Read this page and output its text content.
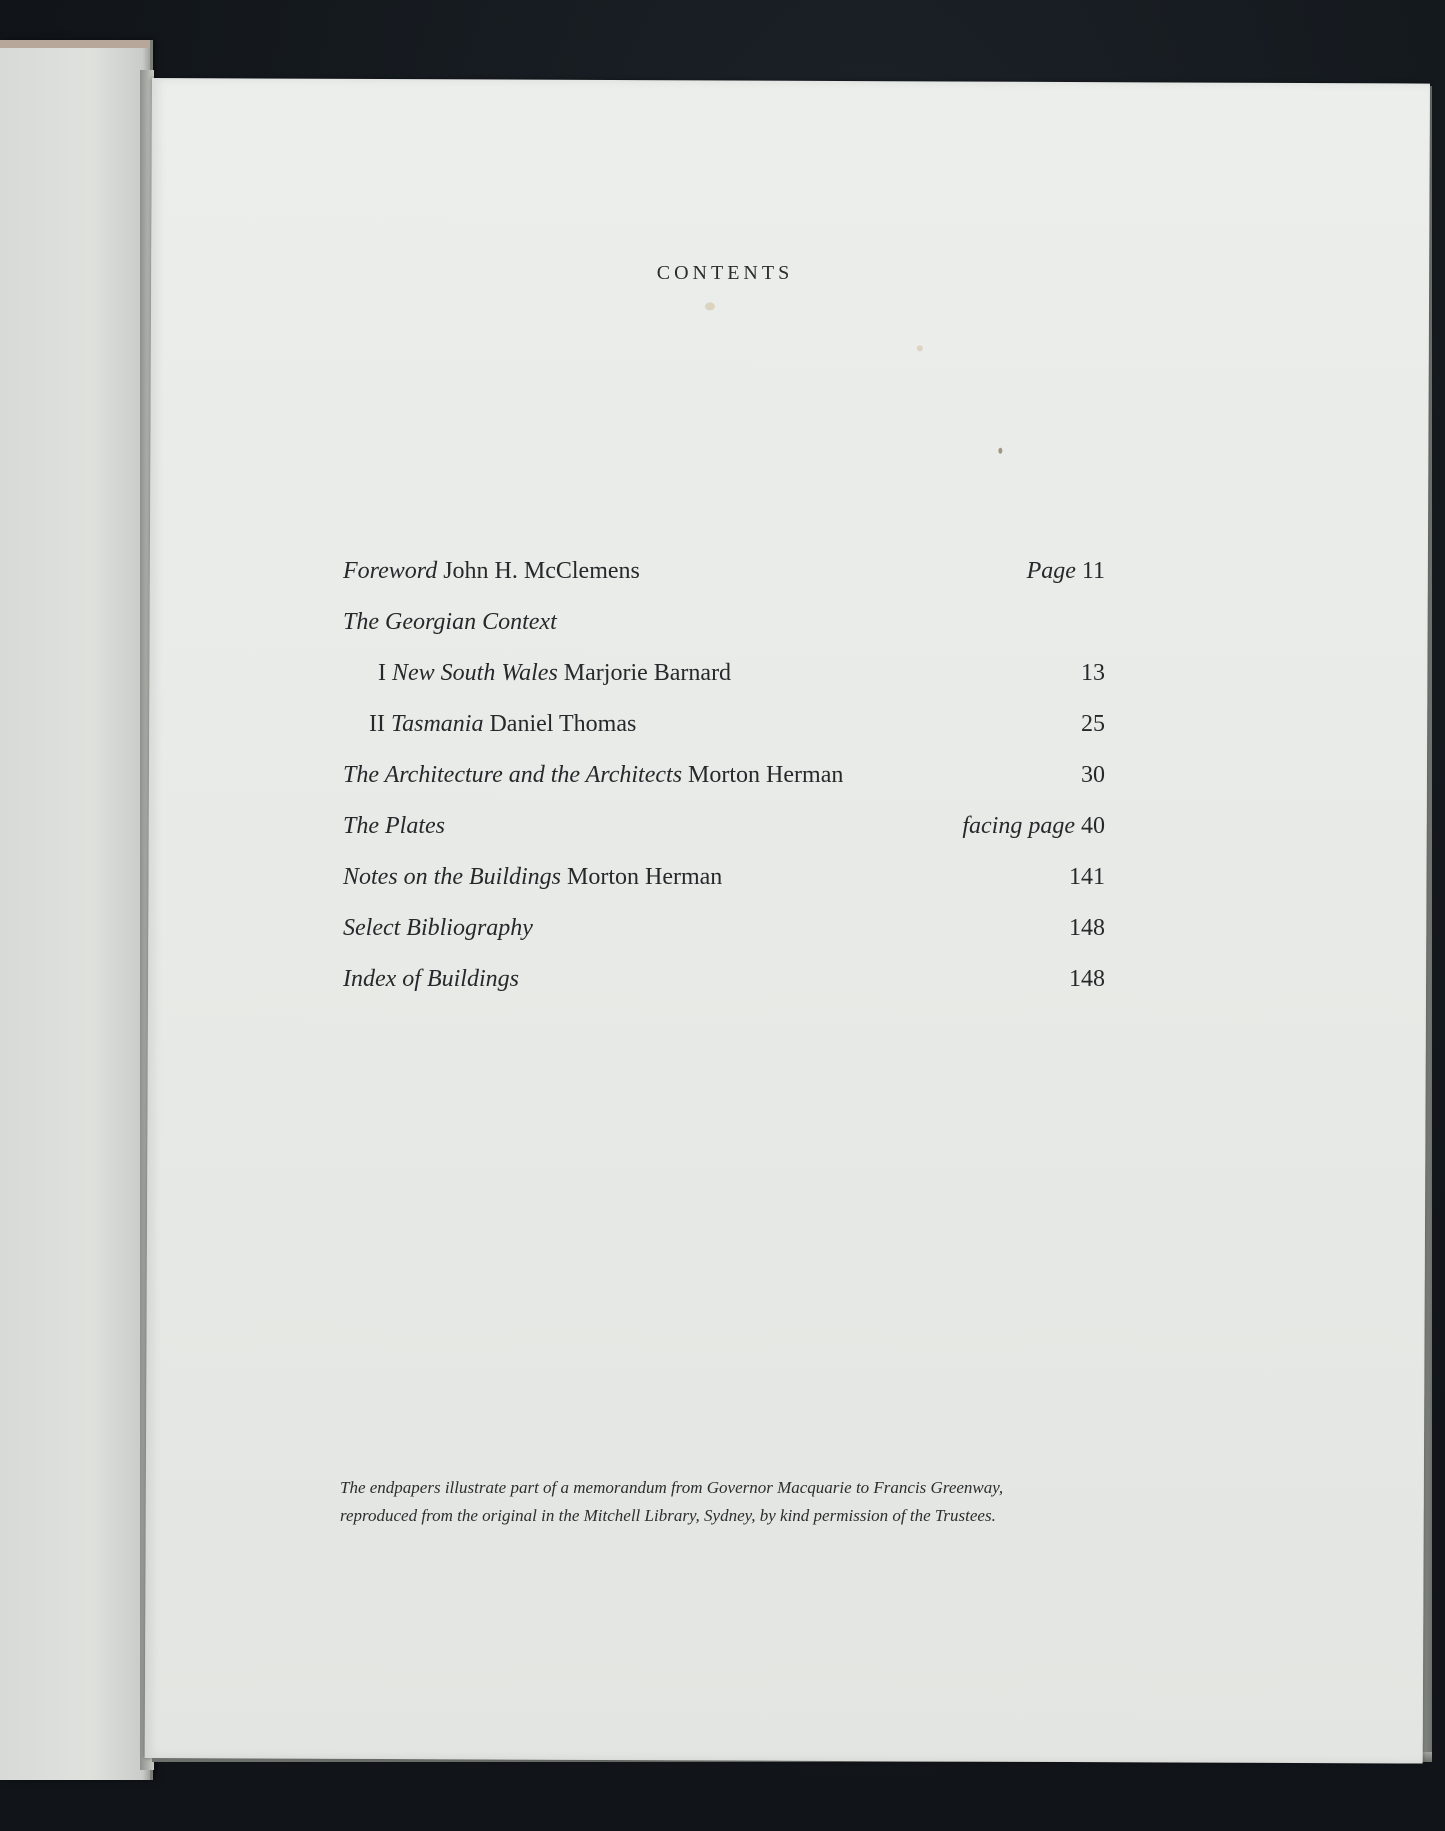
CONTENTS
Foreword John H. McClemens	Page 11
The Georgian Context
I New South Wales Marjorie Barnard	13
II Tasmania Daniel Thomas	25
The Architecture and the Architects Morton Herman	30
The Plates	facing page 40
Notes on the Buildings Morton Herman	141
Select Bibliography	148
Index of Buildings	148
The endpapers illustrate part of a memorandum from Governor Macquarie to Francis Greenway,
reproduced from the original in the Mitchell Library, Sydney, by kind permission of the Trustees.
